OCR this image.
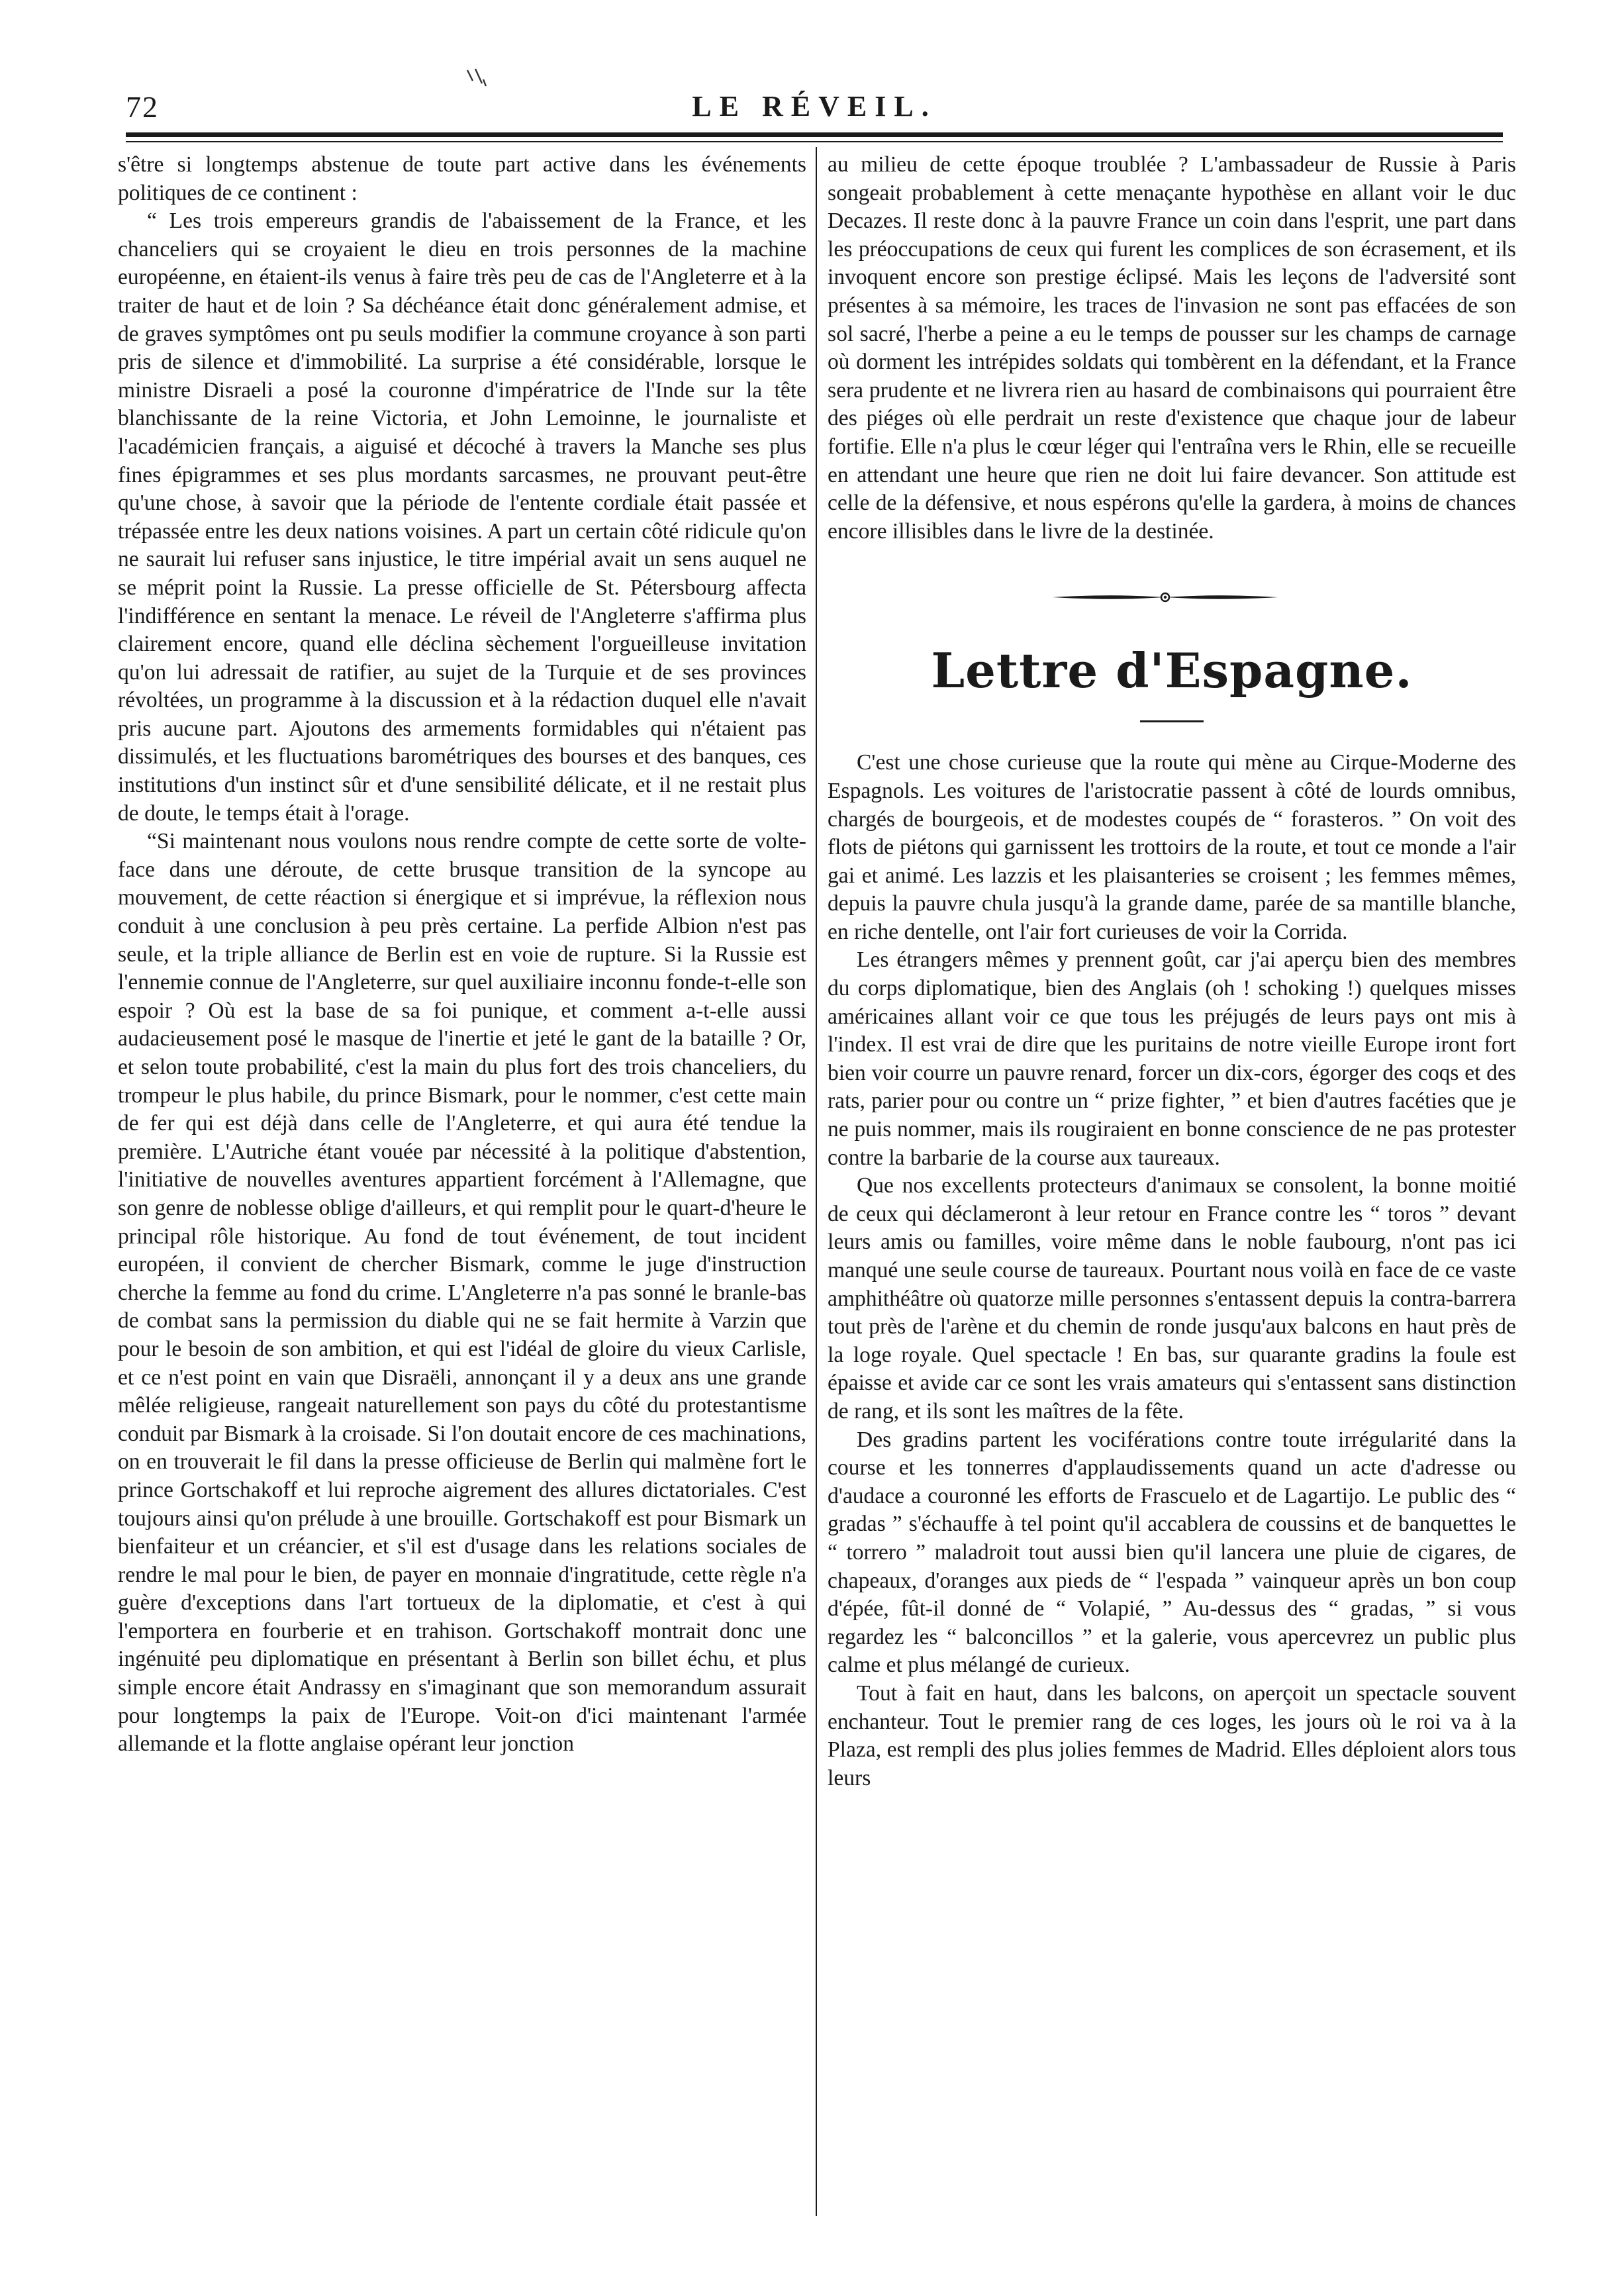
72	LE RÉVEIL.

s'être si longtemps abstenue de toute part active dans les événements politiques de ce continent :

“ Les trois empereurs grandis de l'abaissement de la France, et les chanceliers qui se croyaient le dieu en trois personnes de la machine européenne, en étaient-ils venus à faire très peu de cas de l'Angleterre et à la traiter de haut et de loin ? Sa déchéance était donc généralement admise, et de graves symptômes ont pu seuls modifier la commune croyance à son parti pris de silence et d'immobilité. La surprise a été considérable, lorsque le ministre Disraeli a posé la couronne d'impératrice de l'Inde sur la tête blanchissante de la reine Victoria, et John Lemoinne, le journaliste et l'académicien français, a aiguisé et décoché à travers la Manche ses plus fines épigrammes et ses plus mordants sarcasmes, ne prouvant peut-être qu'une chose, à savoir que la période de l'entente cordiale était passée et trépassée entre les deux nations voisines. A part un certain côté ridicule qu'on ne saurait lui refuser sans injustice, le titre impérial avait un sens auquel ne se méprit point la Russie. La presse officielle de St. Pétersbourg affecta l'indifférence en sentant la menace. Le réveil de l'Angleterre s'affirma plus clairement encore, quand elle déclina sèchement l'orgueilleuse invitation qu'on lui adressait de ratifier, au sujet de la Turquie et de ses provinces révoltées, un programme à la discussion et à la rédaction duquel elle n'avait pris aucune part. Ajoutons des armements formidables qui n'étaient pas dissimulés, et les fluctuations barométriques des bourses et des banques, ces institutions d'un instinct sûr et d'une sensibilité délicate, et il ne restait plus de doute, le temps était à l'orage.

“Si maintenant nous voulons nous rendre compte de cette sorte de volte-face dans une déroute, de cette brusque transition de la syncope au mouvement, de cette réaction si énergique et si imprévue, la réflexion nous conduit à une conclusion à peu près certaine. La perfide Albion n'est pas seule, et la triple alliance de Berlin est en voie de rupture. Si la Russie est l'ennemie connue de l'Angleterre, sur quel auxiliaire inconnu fonde-t-elle son espoir ? Où est la base de sa foi punique, et comment a-t-elle aussi audacieusement posé le masque de l'inertie et jeté le gant de la bataille ? Or, et selon toute probabilité, c'est la main du plus fort des trois chanceliers, du trompeur le plus habile, du prince Bismark, pour le nommer, c'est cette main de fer qui est déjà dans celle de l'Angleterre, et qui aura été tendue la première. L'Autriche étant vouée par nécessité à la politique d'abstention, l'initiative de nouvelles aventures appartient forcément à l'Allemagne, que son genre de noblesse oblige d'ailleurs, et qui remplit pour le quart-d'heure le principal rôle historique. Au fond de tout événement, de tout incident européen, il convient de chercher Bismark, comme le juge d'instruction cherche la femme au fond du crime. L'Angleterre n'a pas sonné le branle-bas de combat sans la permission du diable qui ne se fait hermite à Varzin que pour le besoin de son ambition, et qui est l'idéal de gloire du vieux Carlisle, et ce n'est point en vain que Disraëli, annonçant il y a deux ans une grande mêlée religieuse, rangeait naturellement son pays du côté du protestantisme conduit par Bismark à la croisade. Si l'on doutait encore de ces machinations, on en trouverait le fil dans la presse officieuse de Berlin qui malmène fort le prince Gortschakoff et lui reproche aigrement des allures dictatoriales. C'est toujours ainsi qu'on prélude à une brouille. Gortschakoff est pour Bismark un bienfaiteur et un créancier, et s'il est d'usage dans les relations sociales de rendre le mal pour le bien, de payer en monnaie d'ingratitude, cette règle n'a guère d'exceptions dans l'art tortueux de la diplomatie, et c'est à qui l'emportera en fourberie et en trahison. Gortschakoff montrait donc une ingénuité peu diplomatique en présentant à Berlin son billet échu, et plus simple encore était Andrassy en s'imaginant que son memorandum assurait pour longtemps la paix de l'Europe. Voit-on d'ici maintenant l'armée allemande et la flotte anglaise opérant leur jonction

au milieu de cette époque troublée ? L'ambassadeur de Russie à Paris songeait probablement à cette menaçante hypothèse en allant voir le duc Decazes. Il reste donc à la pauvre France un coin dans l'esprit, une part dans les préoccupations de ceux qui furent les complices de son écrasement, et ils invoquent encore son prestige éclipsé. Mais les leçons de l'adversité sont présentes à sa mémoire, les traces de l'invasion ne sont pas effacées de son sol sacré, l'herbe a peine a eu le temps de pousser sur les champs de carnage où dorment les intrépides soldats qui tombèrent en la défendant, et la France sera prudente et ne livrera rien au hasard de combinaisons qui pourraient être des piéges où elle perdrait un reste d'existence que chaque jour de labeur fortifie. Elle n'a plus le cœur léger qui l'entraîna vers le Rhin, elle se recueille en attendant une heure que rien ne doit lui faire devancer. Son attitude est celle de la défensive, et nous espérons qu'elle la gardera, à moins de chances encore illisibles dans le livre de la destinée.

Lettre d'Espagne.

C'est une chose curieuse que la route qui mène au Cirque-Moderne des Espagnols. Les voitures de l'aristocratie passent à côté de lourds omnibus, chargés de bourgeois, et de modestes coupés de “ forasteros. ” On voit des flots de piétons qui garnissent les trottoirs de la route, et tout ce monde a l'air gai et animé. Les lazzis et les plaisanteries se croisent ; les femmes mêmes, depuis la pauvre chula jusqu'à la grande dame, parée de sa mantille blanche, en riche dentelle, ont l'air fort curieuses de voir la Corrida.

Les étrangers mêmes y prennent goût, car j'ai aperçu bien des membres du corps diplomatique, bien des Anglais (oh ! schoking !) quelques misses américaines allant voir ce que tous les préjugés de leurs pays ont mis à l'index. Il est vrai de dire que les puritains de notre vieille Europe iront fort bien voir courre un pauvre renard, forcer un dix-cors, égorger des coqs et des rats, parier pour ou contre un “ prize fighter, ” et bien d'autres facéties que je ne puis nommer, mais ils rougiraient en bonne conscience de ne pas protester contre la barbarie de la course aux taureaux.

Que nos excellents protecteurs d'animaux se consolent, la bonne moitié de ceux qui déclameront à leur retour en France contre les “ toros ” devant leurs amis ou familles, voire même dans le noble faubourg, n'ont pas ici manqué une seule course de taureaux. Pourtant nous voilà en face de ce vaste amphithéâtre où quatorze mille personnes s'entassent depuis la contra-barrera tout près de l'arène et du chemin de ronde jusqu'aux balcons en haut près de la loge royale. Quel spectacle ! En bas, sur quarante gradins la foule est épaisse et avide car ce sont les vrais amateurs qui s'entassent sans distinction de rang, et ils sont les maîtres de la fête.

Des gradins partent les vociférations contre toute irrégularité dans la course et les tonnerres d'applaudissements quand un acte d'adresse ou d'audace a couronné les efforts de Frascuelo et de Lagartijo. Le public des “ gradas ” s'échauffe à tel point qu'il accablera de coussins et de banquettes le “ torrero ” maladroit tout aussi bien qu'il lancera une pluie de cigares, de chapeaux, d'oranges aux pieds de “ l'espada ” vainqueur après un bon coup d'épée, fût-il donné de “ Volapié, ” Au-dessus des “ gradas, ” si vous regardez les “ balconcillos ” et la galerie, vous apercevrez un public plus calme et plus mélangé de curieux.

Tout à fait en haut, dans les balcons, on aperçoit un spectacle souvent enchanteur. Tout le premier rang de ces loges, les jours où le roi va à la Plaza, est rempli des plus jolies femmes de Madrid. Elles déploient alors tous leurs
